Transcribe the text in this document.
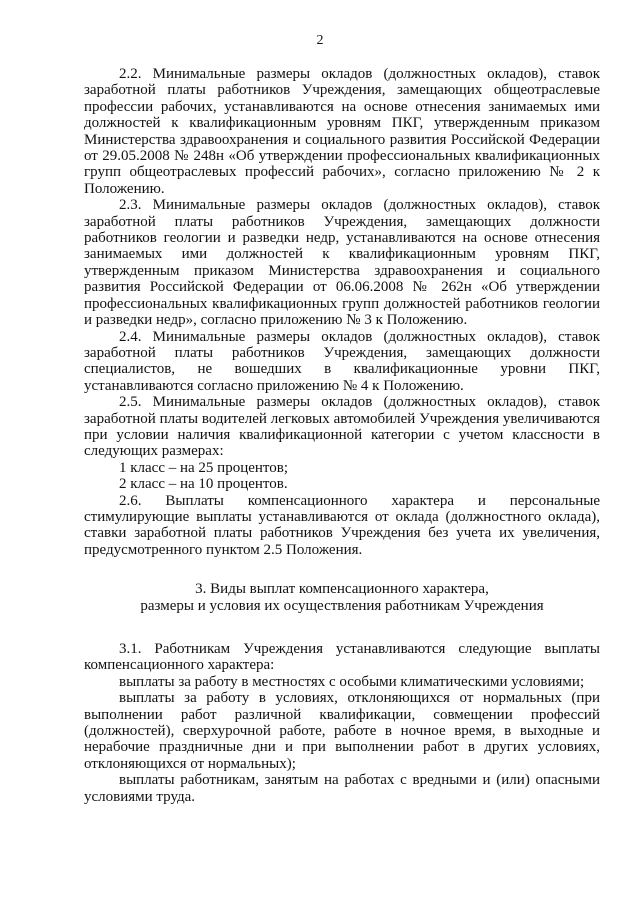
2

2.2. Минимальные размеры окладов (должностных окладов), ставок заработной платы работников Учреждения, замещающих общеотраслевые профессии рабочих, устанавливаются на основе отнесения занимаемых ими должностей к квалификационным уровням ПКГ, утвержденным приказом Министерства здравоохранения и социального развития Российской Федерации от 29.05.2008 № 248н «Об утверждении профессиональных квалификационных групп общеотраслевых профессий рабочих», согласно приложению № 2 к Положению.

2.3. Минимальные размеры окладов (должностных окладов), ставок заработной платы работников Учреждения, замещающих должности работников геологии и разведки недр, устанавливаются на основе отнесения занимаемых ими должностей к квалификационным уровням ПКГ, утвержденным приказом Министерства здравоохранения и социального развития Российской Федерации от 06.06.2008 № 262н «Об утверждении профессиональных квалификационных групп должностей работников геологии и разведки недр», согласно приложению № 3 к Положению.

2.4. Минимальные размеры окладов (должностных окладов), ставок заработной платы работников Учреждения, замещающих должности специалистов, не вошедших в квалификационные уровни ПКГ, устанавливаются согласно приложению № 4 к Положению.

2.5. Минимальные размеры окладов (должностных окладов), ставок заработной платы водителей легковых автомобилей Учреждения увеличиваются при условии наличия квалификационной категории с учетом классности в следующих размерах:

1 класс – на 25 процентов;

2 класс – на 10 процентов.

2.6. Выплаты компенсационного характера и персональные стимулирующие выплаты устанавливаются от оклада (должностного оклада), ставки заработной платы работников Учреждения без учета их увеличения, предусмотренного пунктом 2.5 Положения.

3. Виды выплат компенсационного характера,
размеры и условия их осуществления работникам Учреждения

3.1. Работникам Учреждения устанавливаются следующие выплаты компенсационного характера:

выплаты за работу в местностях с особыми климатическими условиями;

выплаты за работу в условиях, отклоняющихся от нормальных (при выполнении работ различной квалификации, совмещении профессий (должностей), сверхурочной работе, работе в ночное время, в выходные и нерабочие праздничные дни и при выполнении работ в других условиях, отклоняющихся от нормальных);

выплаты работникам, занятым на работах с вредными и (или) опасными условиями труда.
